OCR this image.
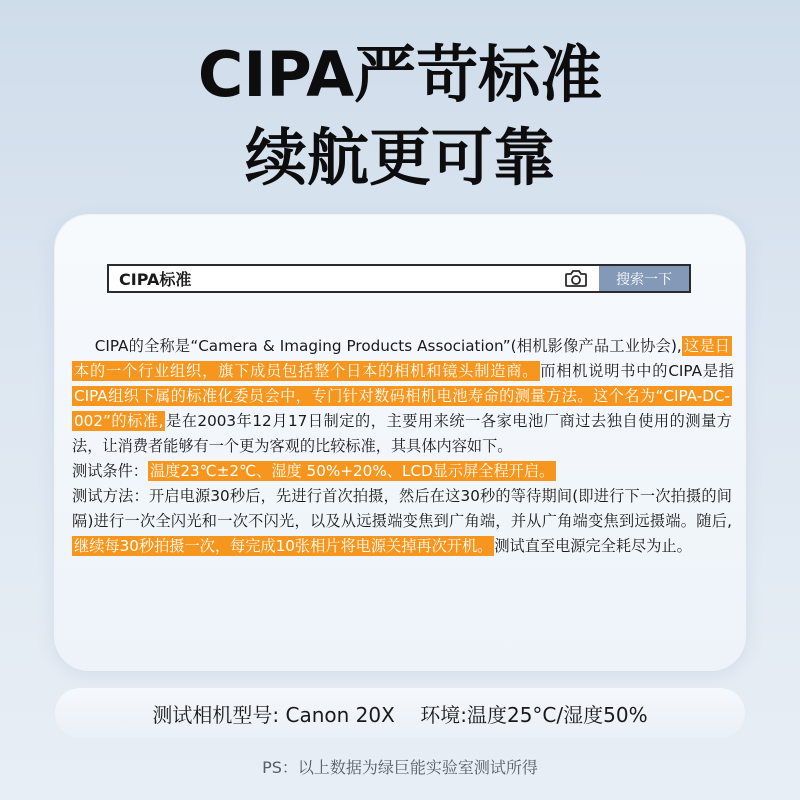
CIPA严苛标准
续航更可靠
CIPA标准	搜索一下

  CIPA的全称是“Camera & Imaging Products Association”(相机影像产品工业协会), 这是日本的一个行业组织，旗下成员包括整个日本的相机和镜头制造商。 而相机说明书中的CIPA是指CIPA组织下属的标准化委员会中，专门针对数码相机电池寿命的测量方法。这个名为“CIPA-DC-002”的标准, 是在2003年12月17日制定的，主要用来统一各家电池厂商过去独自使用的测量方法，让消费者能够有一个更为客观的比较标准，其具体内容如下。

测试条件： 温度23℃±2℃、湿度 50%+20%、LCD显示屏全程开启。

测试方法：开启电源30秒后，先进行首次拍摄，然后在这30秒的等待期间(即进行下一次拍摄的间隔)进行一次全闪光和一次不闪光，以及从远摄端变焦到广角端，并从广角端变焦到远摄端。随后,继续每30秒拍摄一次，每完成10张相片将电源关掉再次开机。 测试直至电源完全耗尽为止。

测试相机型号: Canon 20X    环境:温度25°C/湿度50%
PS：以上数据为绿巨能实验室测试所得
